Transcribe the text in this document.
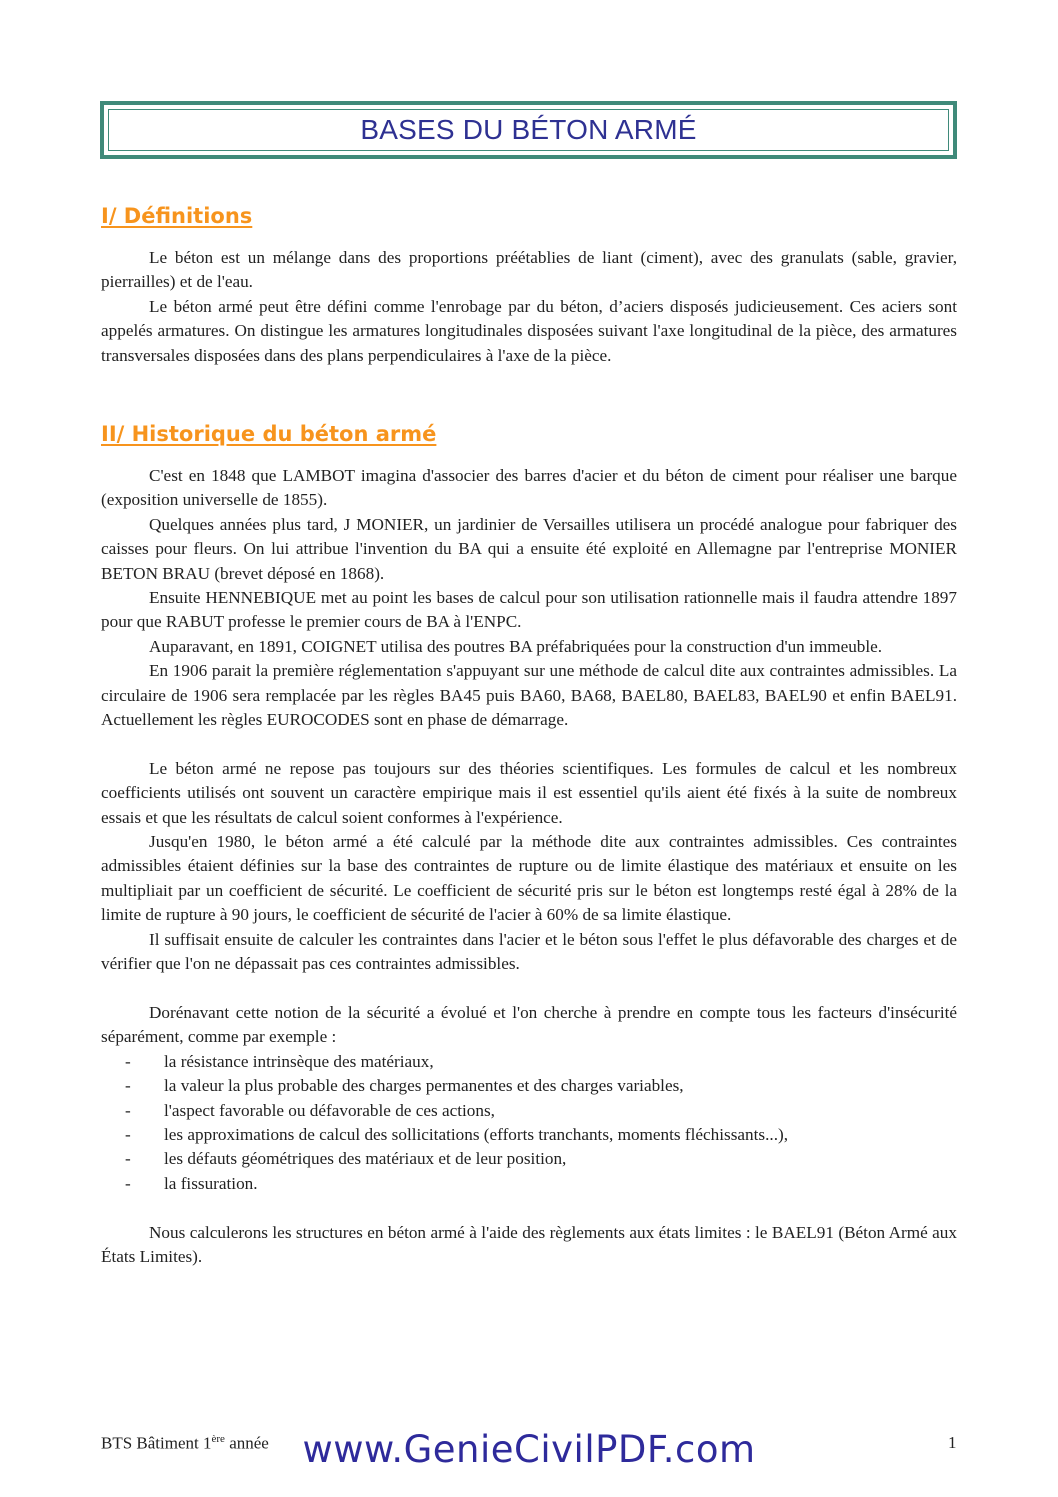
BASES DU BÉTON ARMÉ
I/ Définitions

Le béton est un mélange dans des proportions préétablies de liant (ciment), avec des granulats (sable, gravier, pierrailles) et de l'eau.

Le béton armé peut être défini comme l'enrobage par du béton, d’aciers disposés judicieusement. Ces aciers sont appelés armatures. On distingue les armatures longitudinales disposées suivant l'axe longitudinal de la pièce, des armatures transversales disposées dans des plans perpendiculaires à l'axe de la pièce.

II/ Historique du béton armé

C'est en 1848 que LAMBOT imagina d'associer des barres d'acier et du béton de ciment pour réaliser une barque (exposition universelle de 1855).

Quelques années plus tard, J MONIER, un jardinier de Versailles utilisera un procédé analogue pour fabriquer des caisses pour fleurs. On lui attribue l'invention du BA qui a ensuite été exploité en Allemagne par l'entreprise MONIER BETON BRAU (brevet déposé en 1868).

Ensuite HENNEBIQUE met au point les bases de calcul pour son utilisation rationnelle mais il faudra attendre 1897 pour que RABUT professe le premier cours de BA à l'ENPC.

Auparavant, en 1891, COIGNET utilisa des poutres BA préfabriquées pour la construction d'un immeuble.

En 1906 parait la première réglementation s'appuyant sur une méthode de calcul dite aux contraintes admissibles. La circulaire de 1906 sera remplacée par les règles BA45 puis BA60, BA68, BAEL80, BAEL83, BAEL90 et enfin BAEL91. Actuellement les règles EUROCODES sont en phase de démarrage.

Le béton armé ne repose pas toujours sur des théories scientifiques. Les formules de calcul et les nombreux coefficients utilisés ont souvent un caractère empirique mais il est essentiel qu'ils aient été fixés à la suite de nombreux essais et que les résultats de calcul soient conformes à l'expérience.

Jusqu'en 1980, le béton armé a été calculé par la méthode dite aux contraintes admissibles. Ces contraintes admissibles étaient définies sur la base des contraintes de rupture ou de limite élastique des matériaux et ensuite on les multipliait par un coefficient de sécurité. Le coefficient de sécurité pris sur le béton est longtemps resté égal à 28% de la limite de rupture à 90 jours, le coefficient de sécurité de l'acier à 60% de sa limite élastique.

Il suffisait ensuite de calculer les contraintes dans l'acier et le béton sous l'effet le plus défavorable des charges et de vérifier que l'on ne dépassait pas ces contraintes admissibles.

Dorénavant cette notion de la sécurité a évolué et l'on cherche à prendre en compte tous les facteurs d'insécurité séparément, comme par exemple :

- la résistance intrinsèque des matériaux,
- la valeur la plus probable des charges permanentes et des charges variables,
- l'aspect favorable ou défavorable de ces actions,
- les approximations de calcul des sollicitations (efforts tranchants, moments fléchissants...),
- les défauts géométriques des matériaux et de leur position,
- la fissuration.

Nous calculerons les structures en béton armé à l'aide des règlements aux états limites : le BAEL91 (Béton Armé aux États Limites).

BTS Bâtiment 1ère année	1
www.GenieCivilPDF.com
